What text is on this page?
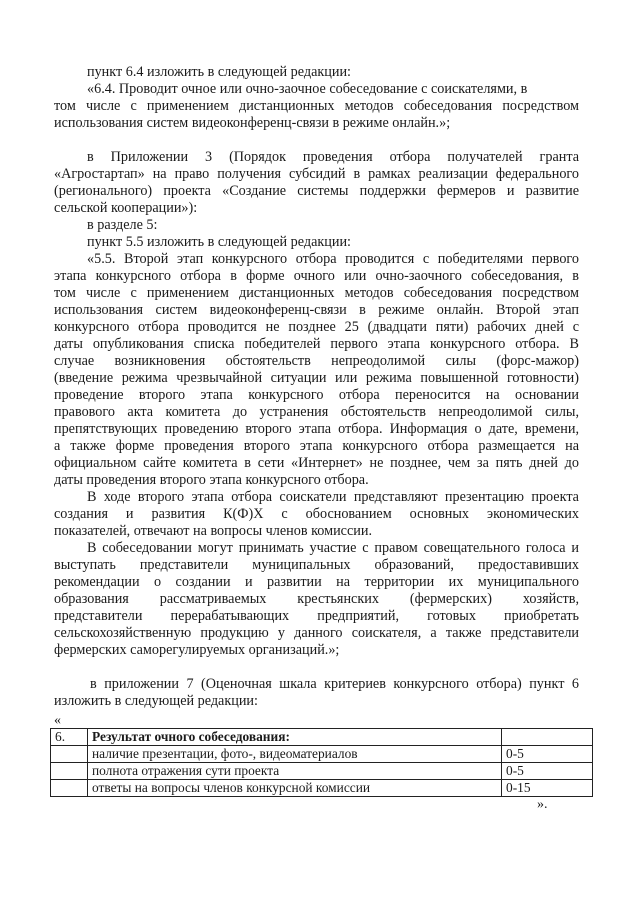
пункт 6.4 изложить в следующей редакции:
«6.4. Проводит очное или очно-заочное собеседование с соискателями, в
том числе с применением дистанционных методов собеседования посредством
использования систем видеоконференц-связи в режиме онлайн.»;
в Приложении 3 (Порядок проведения отбора получателей гранта
«Агростартап» на право получения субсидий в рамках реализации федерального
(регионального) проекта «Создание системы поддержки фермеров и развитие
сельской кооперации»):
в разделе 5:
пункт 5.5 изложить в следующей редакции:
«5.5. Второй этап конкурсного отбора проводится с победителями первого
этапа конкурсного отбора в форме очного или очно-заочного собеседования, в
том числе с применением дистанционных методов собеседования посредством
использования систем видеоконференц-связи в режиме онлайн. Второй этап
конкурсного отбора проводится не позднее 25 (двадцати пяти) рабочих дней с
даты опубликования списка победителей первого этапа конкурсного отбора. В
случае возникновения обстоятельств непреодолимой силы (форс-мажор)
(введение режима чрезвычайной ситуации или режима повышенной готовности)
проведение второго этапа конкурсного отбора переносится на основании
правового акта комитета до устранения обстоятельств непреодолимой силы,
препятствующих проведению второго этапа отбора. Информация о дате, времени,
а также форме проведения второго этапа конкурсного отбора размещается на
официальном сайте комитета в сети «Интернет» не позднее, чем за пять дней до
даты проведения второго этапа конкурсного отбора.
В ходе второго этапа отбора соискатели представляют презентацию проекта
создания и развития К(Ф)Х с обоснованием основных экономических
показателей, отвечают на вопросы членов комиссии.
В собеседовании могут принимать участие с правом совещательного голоса и
выступать представители муниципальных образований, предоставивших
рекомендации о создании и развитии на территории их муниципального
образования рассматриваемых крестьянских (фермерских) хозяйств,
представители перерабатывающих предприятий, готовых приобретать
сельскохозяйственную продукцию у данного соискателя, а также представители
фермерских саморегулируемых организаций.»;
в приложении 7 (Оценочная шкала критериев конкурсного отбора) пункт 6
изложить в следующей редакции:
«
6.	Результат очного собеседования:	
	наличие презентации, фото-, видеоматериалов	0-5
	полнота отражения сути проекта	0-5
	ответы на вопросы членов конкурсной комиссии	0-15
».
